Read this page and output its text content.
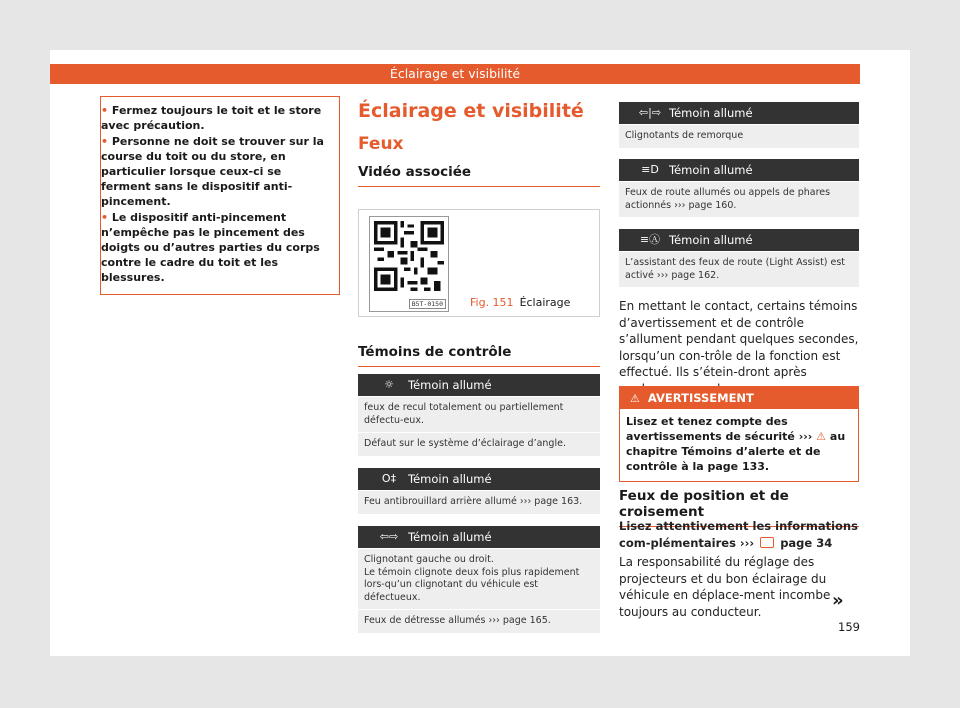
Éclairage et visibilité
• Fermez toujours le toit et le store avec précaution.
• Personne ne doit se trouver sur la course du toit ou du store, en particulier lorsque ceux-ci se ferment sans le dispositif anti-pincement.
• Le dispositif anti-pincement n’empêche pas le pincement des doigts ou d’autres parties du corps contre le cadre du toit et les blessures.
Éclairage et visibilité
Feux
Vidéo associée
B5T-0150 Fig. 151 Éclairage
Témoins de contrôle
☼	Témoin allumé
feux de recul totalement ou partiellement défectu-eux.
Défaut sur le système d’éclairage d’angle.
O‡	Témoin allumé
Feu antibrouillard arrière allumé ››› page 163.
⇦⇨ Témoin allumé
Clignotant gauche ou droit.
Le témoin clignote deux fois plus rapidement lors-qu’un clignotant du véhicule est défectueux.
Feux de détresse allumés ››› page 165.
⇦|⇨ Témoin allumé
Clignotants de remorque
≡D Témoin allumé
Feux de route allumés ou appels de phares actionnés ››› page 160.
≡Ⓐ Témoin allumé
L’assistant des feux de route (Light Assist) est activé ››› page 162.

En mettant le contact, certains témoins d’avertissement et de contrôle s’allument pendant quelques secondes, lorsqu’un con-trôle de la fonction est effectué. Ils s’étein-dront après

⚠ AVERTISSEMENT
Lisez et tenez compte des avertissements de sécurité ››› ⚠ au chapitre Témoins d’alerte et de contrôle à la page 133.
Feux de position et de croisement

Lisez attentivement les informations com-plémentaires ››› page 34

La responsabilité du réglage des projecteurs et du bon éclairage du véhicule en déplace-ment incombe toujours au conducteur.

»
159
